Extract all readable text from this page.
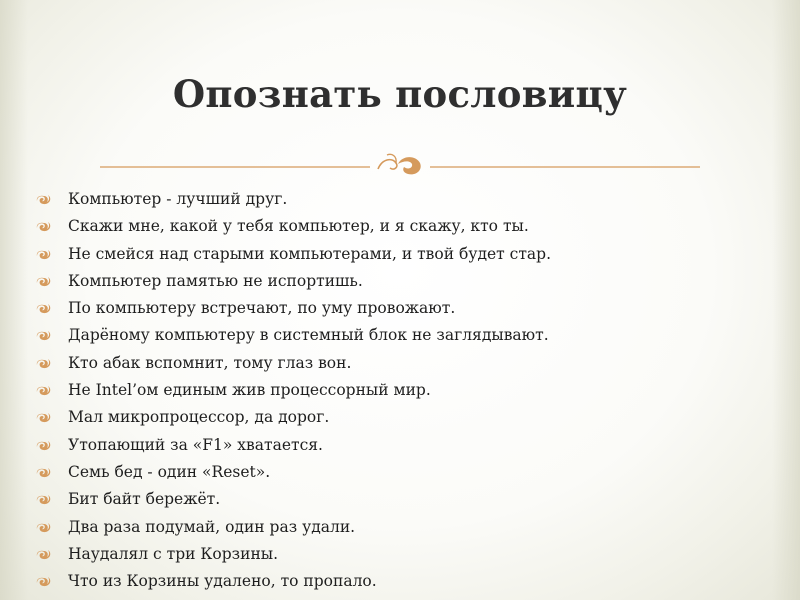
Опознать пословицу
Компьютер - лучший друг.
Скажи мне, какой у тебя компьютер, и я скажу, кто ты.
Не смейся над старыми компьютерами, и твой будет стар.
Компьютер памятью не испортишь.
По компьютеру встречают, по уму провожают.
Дарёному компьютеру в системный блок не заглядывают.
Кто абак вспомнит, тому глаз вон.
Не Intel’ом единым жив процессорный мир.
Мал микропроцессор, да дорог.
Утопающий за «F1» хватается.
Семь бед - один «Reset».
Бит байт бережёт.
Два раза подумай, один раз удали.
Наудалял с три Корзины.
Что из Корзины удалено, то пропало.
